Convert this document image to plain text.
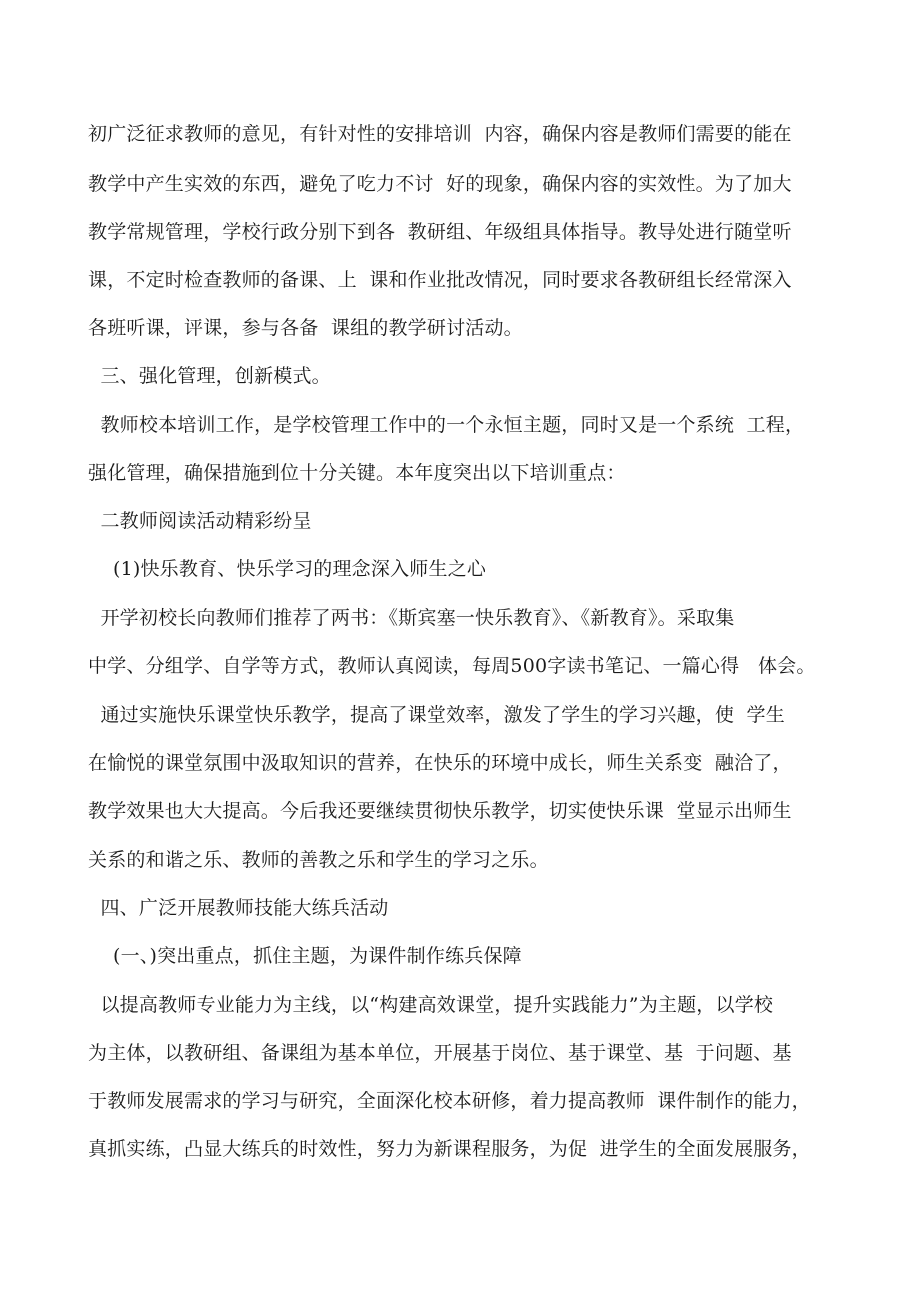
初广泛征求教师的意见，有针对性的安排培训  内容，确保内容是教师们需要的能在
教学中产生实效的东西，避免了吃力不讨  好的现象，确保内容的实效性。为了加大
教学常规管理，学校行政分别下到各  教研组、年级组具体指导。教导处进行随堂听
课，不定时检查教师的备课、上  课和作业批改情况，同时要求各教研组长经常深入
各班听课，评课，参与各备  课组的教学研讨活动。
三、强化管理，创新模式。
教师校本培训工作，是学校管理工作中的一个永恒主题，同时又是一个系统  工程，
强化管理，确保措施到位十分关键。本年度突出以下培训重点：
二教师阅读活动精彩纷呈
(1)快乐教育、快乐学习的理念深入师生之心
开学初校长向教师们推荐了两书：《斯宾塞一快乐教育》、《新教育》。采取集
中学、分组学、自学等方式，教师认真阅读，每周500字读书笔记、一篇心得   体会。
通过实施快乐课堂快乐教学，提高了课堂效率，激发了学生的学习兴趣，使  学生
在愉悦的课堂氛围中汲取知识的营养，在快乐的环境中成长，师生关系变  融洽了，
教学效果也大大提高。今后我还要继续贯彻快乐教学，切实使快乐课  堂显示出师生
关系的和谐之乐、教师的善教之乐和学生的学习之乐。
四、广泛开展教师技能大练兵活动
(一、)突出重点，抓住主题，为课件制作练兵保障
以提高教师专业能力为主线，以“构建高效课堂，提升实践能力”为主题，以学校
为主体，以教研组、备课组为基本单位，开展基于岗位、基于课堂、基  于问题、基
于教师发展需求的学习与研究，全面深化校本研修，着力提高教师  课件制作的能力，
真抓实练，凸显大练兵的时效性，努力为新课程服务，为促  进学生的全面发展服务，
